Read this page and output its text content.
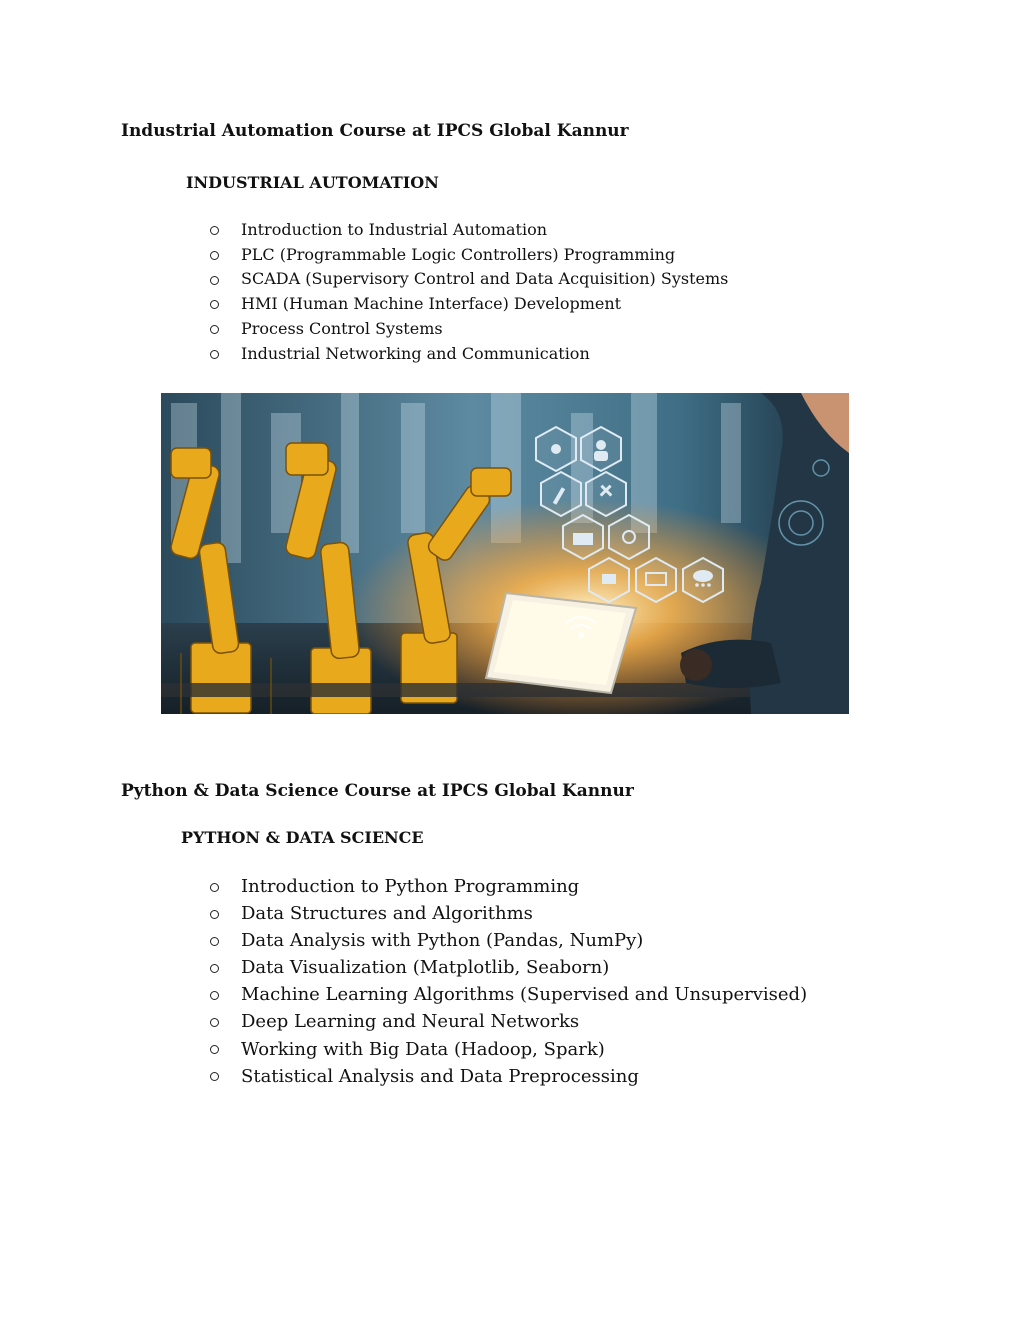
Industrial Automation Course at IPCS Global Kannur
INDUSTRIAL AUTOMATION
Introduction to Industrial Automation
PLC (Programmable Logic Controllers) Programming
SCADA (Supervisory Control and Data Acquisition) Systems
HMI (Human Machine Interface) Development
Process Control Systems
Industrial Networking and Communication
Python & Data Science Course at IPCS Global Kannur
PYTHON & DATA SCIENCE
Introduction to Python Programming
Data Structures and Algorithms
Data Analysis with Python (Pandas, NumPy)
Data Visualization (Matplotlib, Seaborn)
Machine Learning Algorithms (Supervised and Unsupervised)
Deep Learning and Neural Networks
Working with Big Data (Hadoop, Spark)
Statistical Analysis and Data Preprocessing
